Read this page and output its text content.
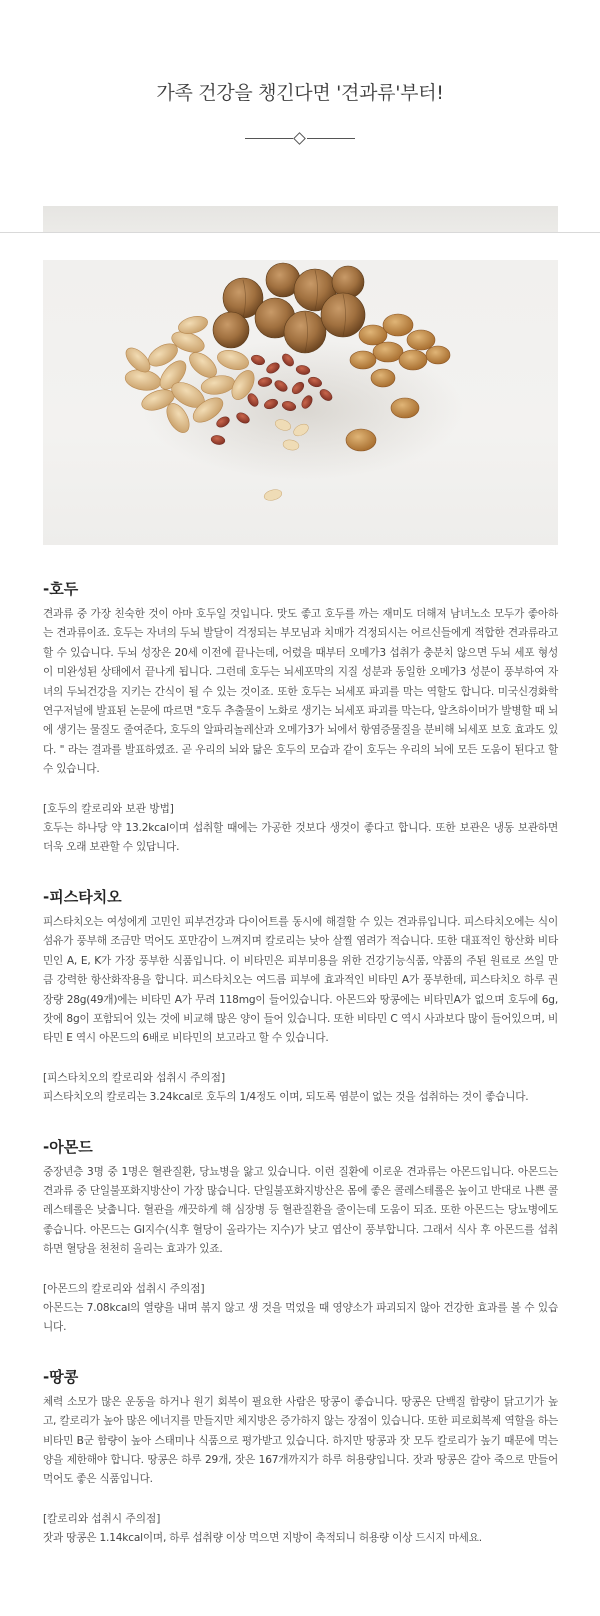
가족 건강을 챙긴다면 '견과류'부터!
-호두

견과류 중 가장 친숙한 것이 아마 호두일 것입니다. 맛도 좋고 호두를 까는 재미도 더해져 남녀노소 모두가 좋아하는 견과류이죠. 호두는 자녀의 두뇌 발달이 걱정되는 부모님과 치매가 걱정되시는 어르신들에게 적합한 견과류라고 할 수 있습니다. 두뇌 성장은 20세 이전에 끝나는데, 어렸을 때부터 오메가3 섭취가 충분치 않으면 두뇌 세포 형성이 미완성된 상태에서 끝나게 됩니다. 그런데 호두는 뇌세포막의 지질 성분과 동일한 오메가3 성분이 풍부하여 자녀의 두뇌건강을 지키는 간식이 될 수 있는 것이죠. 또한 호두는 뇌세포 파괴를 막는 역할도 합니다. 미국신경화학연구저널에 발표된 논문에 따르면 "호두 추출물이 노화로 생기는 뇌세포 파괴를 막는다, 알츠하이머가 발병할 때 뇌에 생기는 물질도 줄여준다, 호두의 알파리놀레산과 오메가3가 뇌에서 항염증물질을 분비해 뇌세포 보호 효과도 있다. " 라는 결과를 발표하였죠. 곧 우리의 뇌와 닮은 호두의 모습과 같이 호두는 우리의 뇌에 모든 도움이 된다고 할 수 있습니다.

[호두의 칼로리와 보관 방법]

호두는 하나당 약 13.2kcal이며 섭취할 때에는 가공한 것보다 생것이 좋다고 합니다. 또한 보관은 냉동 보관하면 더욱 오래 보관할 수 있답니다.

-피스타치오

피스타치오는 여성에게 고민인 피부건강과 다이어트를 동시에 해결할 수 있는 견과류입니다. 피스타치오에는 식이섬유가 풍부해 조금만 먹어도 포만감이 느껴지며 칼로리는 낮아 살찔 염려가 적습니다. 또한 대표적인 항산화 비타민인 A, E, K가 가장 풍부한 식품입니다. 이 비타민은 피부미용을 위한 건강기능식품, 약품의 주된 원료로 쓰일 만큼 강력한 항산화작용을 합니다. 피스타치오는 여드름 피부에 효과적인 비타민 A가 풍부한데, 피스타치오 하루 권장량 28g(49개)에는 비타민 A가 무려 118mg이 들어있습니다. 아몬드와 땅콩에는 비타민A가 없으며 호두에 6g, 잣에 8g이 포함되어 있는 것에 비교해 많은 양이 들어 있습니다. 또한 비타민 C 역시 사과보다 많이 들어있으며, 비타민 E 역시 아몬드의 6배로 비타민의 보고라고 할 수 있습니다.

[피스타치오의 칼로리와 섭취시 주의점]

피스타치오의 칼로리는 3.24kcal로 호두의 1/4정도 이며, 되도록 염분이 없는 것을 섭취하는 것이 좋습니다.

-아몬드

중장년층 3명 중 1명은 혈관질환, 당뇨병을 앓고 있습니다. 이런 질환에 이로운 견과류는 아몬드입니다. 아몬드는 견과류 중 단일불포화지방산이 가장 많습니다. 단일불포화지방산은 몸에 좋은 콜레스테롤은 높이고 반대로 나쁜 콜레스테롤은 낮춥니다. 혈관을 깨끗하게 해 심장병 등 혈관질환을 줄이는데 도움이 되죠. 또한 아몬드는 당뇨병에도 좋습니다. 아몬드는 GI지수(식후 혈당이 올라가는 지수)가 낮고 엽산이 풍부합니다. 그래서 식사 후 아몬드를 섭취하면 혈당을 천천히 올리는 효과가 있죠.

[아몬드의 칼로리와 섭취시 주의점]

아몬드는 7.08kcal의 열량을 내며 볶지 않고 생 것을 먹었을 때 영양소가 파괴되지 않아 건강한 효과를 볼 수 있습니다.

-땅콩

체력 소모가 많은 운동을 하거나 원기 회복이 필요한 사람은 땅콩이 좋습니다. 땅콩은 단백질 함량이 닭고기가 높고, 칼로리가 높아 많은 에너지를 만들지만 체지방은 증가하지 않는 장점이 있습니다. 또한 피로회복제 역할을 하는 비타민 B군 함량이 높아 스태미나 식품으로 평가받고 있습니다. 하지만 땅콩과 잣 모두 칼로리가 높기 때문에 먹는 양을 제한해야 합니다. 땅콩은 하루 29개, 잣은 167개까지가 하루 허용량입니다. 잣과 땅콩은 갈아 죽으로 만들어 먹어도 좋은 식품입니다.

[칼로리와 섭취시 주의점]

잣과 땅콩은 1.14kcal이며, 하루 섭취량 이상 먹으면 지방이 축적되니 허용량 이상 드시지 마세요.
